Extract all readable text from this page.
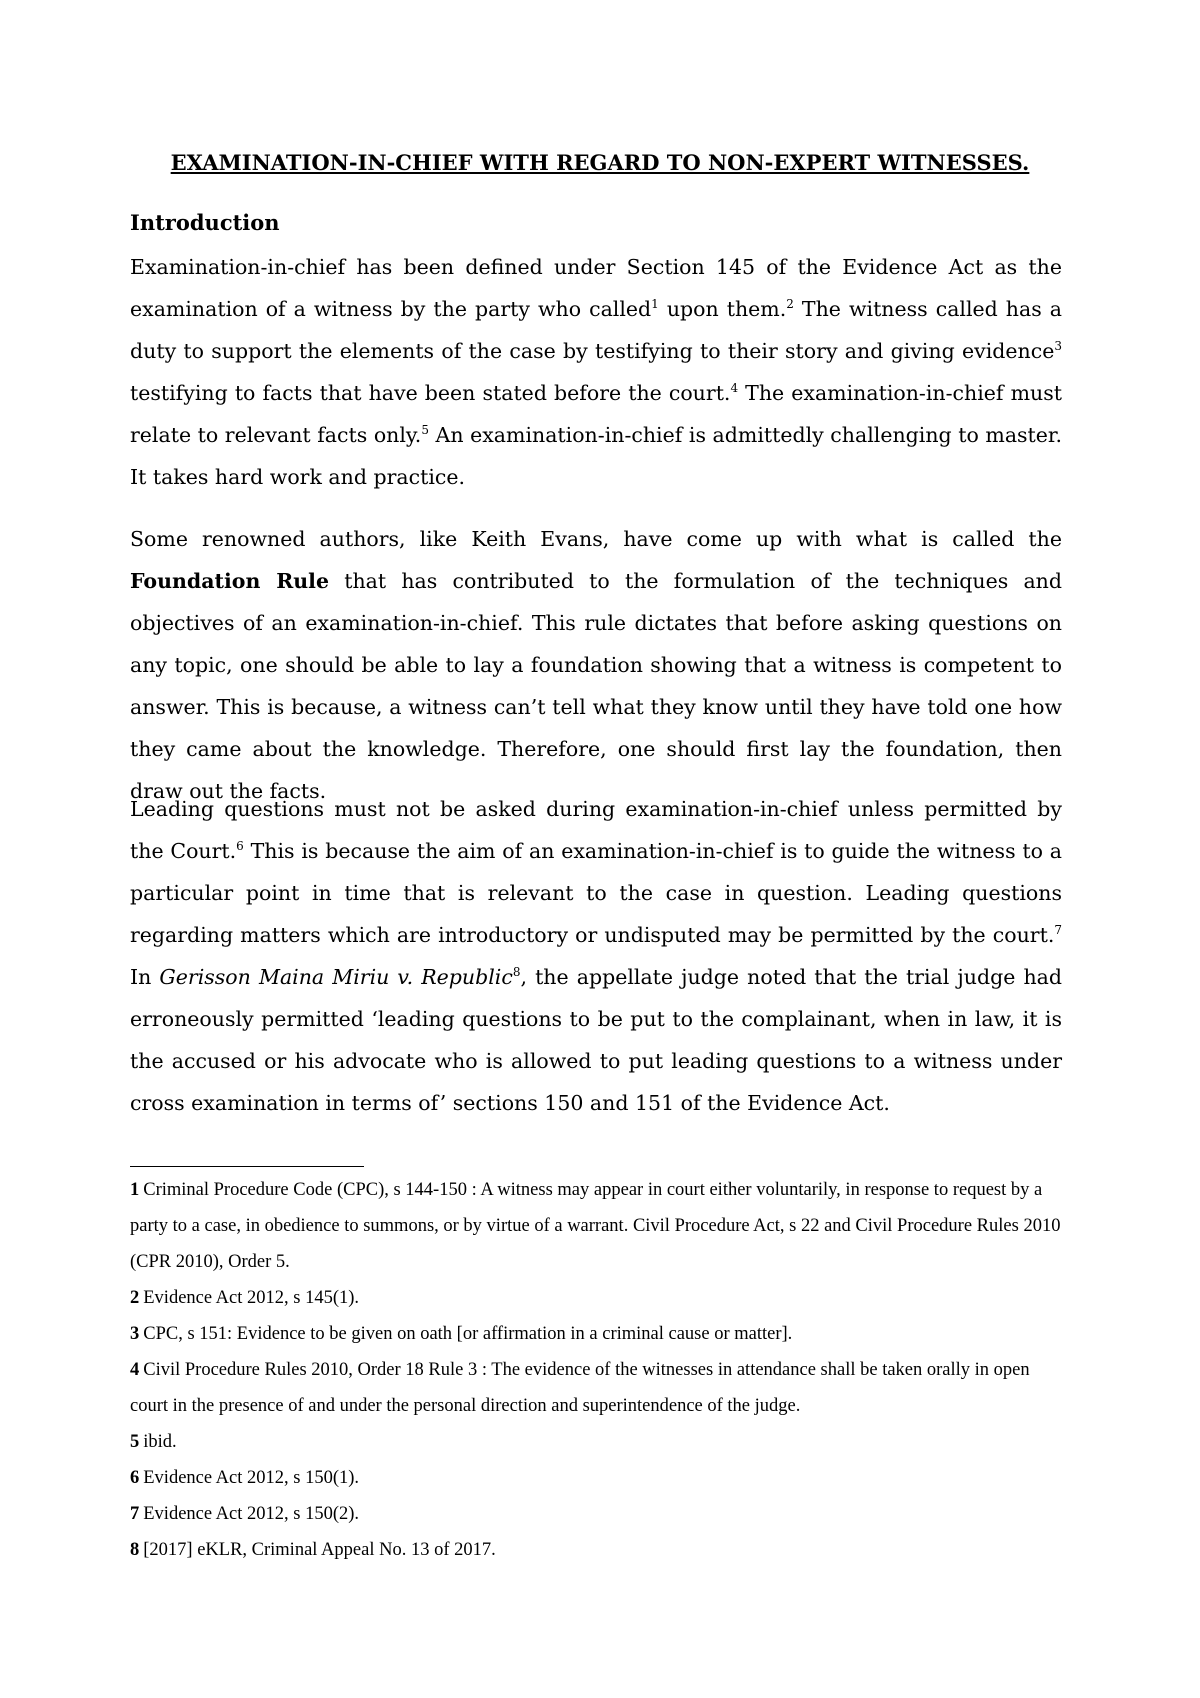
EXAMINATION-IN-CHIEF WITH REGARD TO NON-EXPERT WITNESSES.
Introduction

Examination-in-chief has been defined under Section 145 of the Evidence Act as the examination of a witness by the party who called$^1$ upon them.$^2$ The witness called has a duty to support the elements of the case by testifying to their story and giving evidence$^3$ testifying to facts that have been stated before the court.$^4$ The examination-in-chief must relate to relevant facts only.$^5$ An examination-in-chief is admittedly challenging to master. It takes hard work and practice.

Some renowned authors, like Keith Evans, have come up with what is called the Foundation Rule that has contributed to the formulation of the techniques and objectives of an examination-in-chief. This rule dictates that before asking questions on any topic, one should be able to lay a foundation showing that a witness is competent to answer. This is because, a witness can’t tell what they know until they have told one how they came about the knowledge. Therefore, one should first lay the foundation, then draw out the facts.

Leading questions must not be asked during examination-in-chief unless permitted by the Court.$^6$ This is because the aim of an examination-in-chief is to guide the witness to a particular point in time that is relevant to the case in question. Leading questions regarding matters which are introductory or undisputed may be permitted by the court.$^7$ In Gerisson Maina Miriu v. Republic$^8$, the appellate judge noted that the trial judge had erroneously permitted ‘leading questions to be put to the complainant, when in law, it is the accused or his advocate who is allowed to put leading questions to a witness under cross examination in terms of’ sections 150 and 151 of the Evidence Act.

1 Criminal Procedure Code (CPC), s 144-150 : A witness may appear in court either voluntarily, in response to request by a party to a case, in obedience to summons, or by virtue of a warrant. Civil Procedure Act, s 22 and Civil Procedure Rules 2010 (CPR 2010), Order 5.

2 Evidence Act 2012, s 145(1).

3 CPC, s 151: Evidence to be given on oath [or affirmation in a criminal cause or matter].

4 Civil Procedure Rules 2010, Order 18 Rule 3 : The evidence of the witnesses in attendance shall be taken orally in open court in the presence of and under the personal direction and superintendence of the judge.

5 ibid.

6 Evidence Act 2012, s 150(1).

7 Evidence Act 2012, s 150(2).

8 [2017] eKLR, Criminal Appeal No. 13 of 2017.
